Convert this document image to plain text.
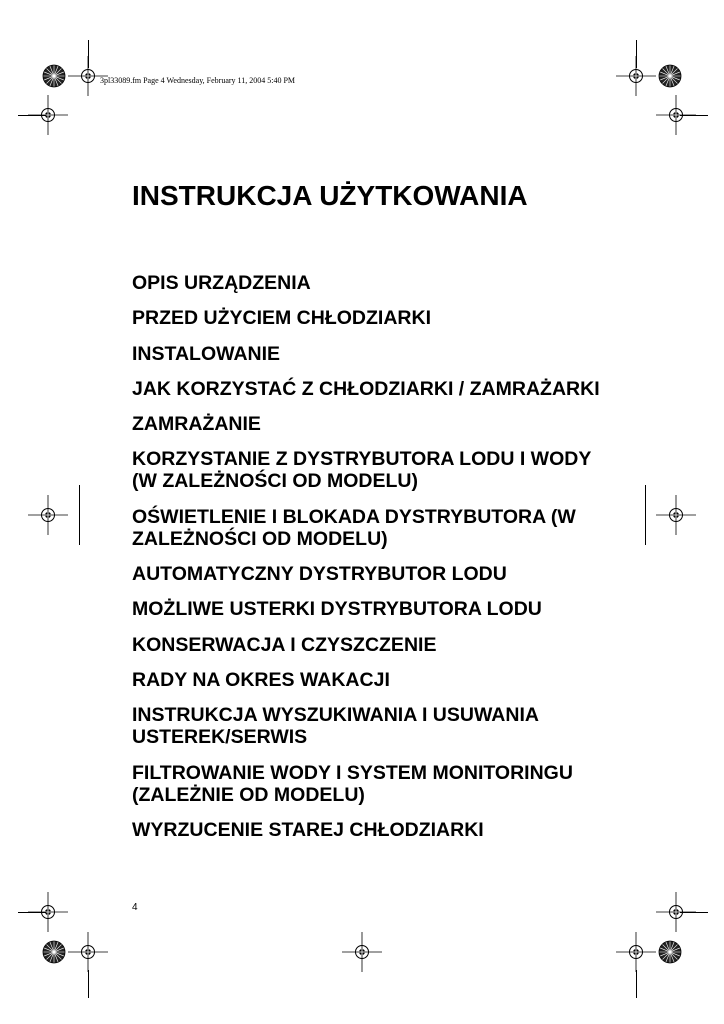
3pl33089.fm Page 4 Wednesday, February 11, 2004 5:40 PM
INSTRUKCJA UŻYTKOWANIA
OPIS URZĄDZENIA
PRZED UŻYCIEM CHŁODZIARKI
INSTALOWANIE
JAK KORZYSTAĆ Z CHŁODZIARKI / ZAMRAŻARKI
ZAMRAŻANIE
KORZYSTANIE Z DYSTRYBUTORA LODU I WODY (W ZALEŻNOŚCI OD MODELU)
OŚWIETLENIE I BLOKADA DYSTRYBUTORA (W ZALEŻNOŚCI OD MODELU)
AUTOMATYCZNY DYSTRYBUTOR LODU
MOŻLIWE USTERKI DYSTRYBUTORA LODU
KONSERWACJA I CZYSZCZENIE
RADY NA OKRES WAKACJI
INSTRUKCJA WYSZUKIWANIA I USUWANIA USTEREK/SERWIS
FILTROWANIE WODY I SYSTEM MONITORINGU (ZALEŻNIE OD MODELU)
WYRZUCENIE STAREJ CHŁODZIARKI
4
